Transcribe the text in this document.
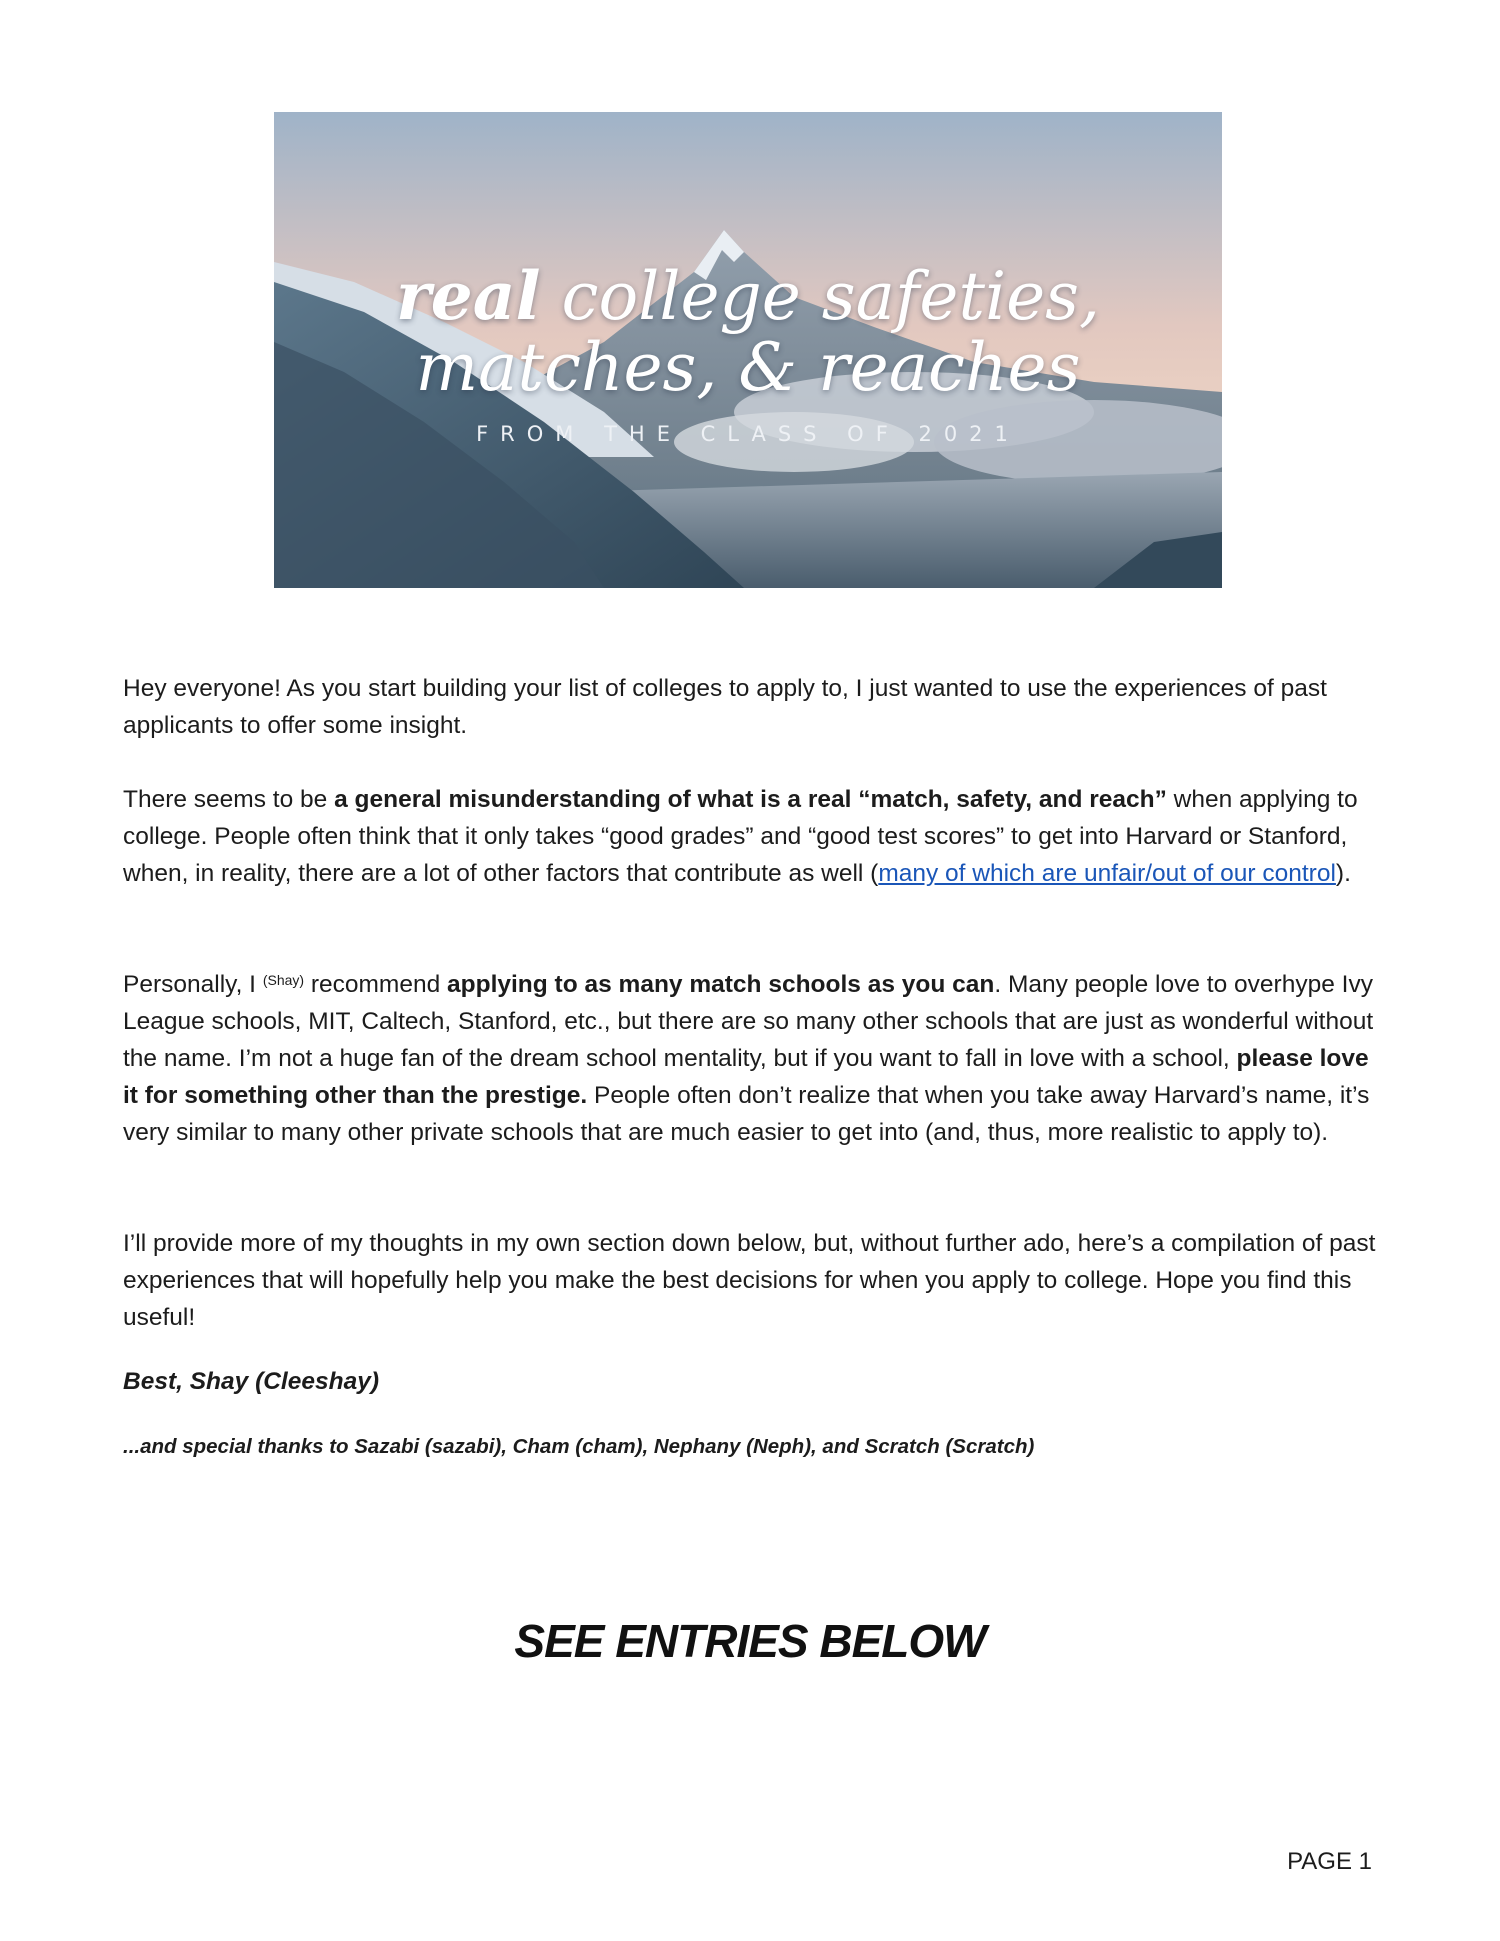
real college safeties,
matches, & reaches
FROM THE CLASS OF 2021

Hey everyone! As you start building your list of colleges to apply to, I just wanted to use the experiences of past applicants to offer some insight.

There seems to be a general misunderstanding of what is a real “match, safety, and reach” when applying to college. People often think that it only takes “good grades” and “good test scores” to get into Harvard or Stanford, when, in reality, there are a lot of other factors that contribute as well (many of which are unfair/out of our control).

Personally, I $^{(Shay)}$ recommend applying to as many match schools as you can. Many people love to overhype Ivy League schools, MIT, Caltech, Stanford, etc., but there are so many other schools that are just as wonderful without the name. I’m not a huge fan of the dream school mentality, but if you want to fall in love with a school, please love it for something other than the prestige. People often don’t realize that when you take away Harvard’s name, it’s very similar to many other private schools that are much easier to get into (and, thus, more realistic to apply to).

I’ll provide more of my thoughts in my own section down below, but, without further ado, here’s a compilation of past experiences that will hopefully help you make the best decisions for when you apply to college. Hope you find this useful!

Best, Shay (Cleeshay)
...and special thanks to Sazabi (sazabi), Cham (cham), Nephany (Neph), and Scratch (Scratch)
SEE ENTRIES BELOW
PAGE 1
